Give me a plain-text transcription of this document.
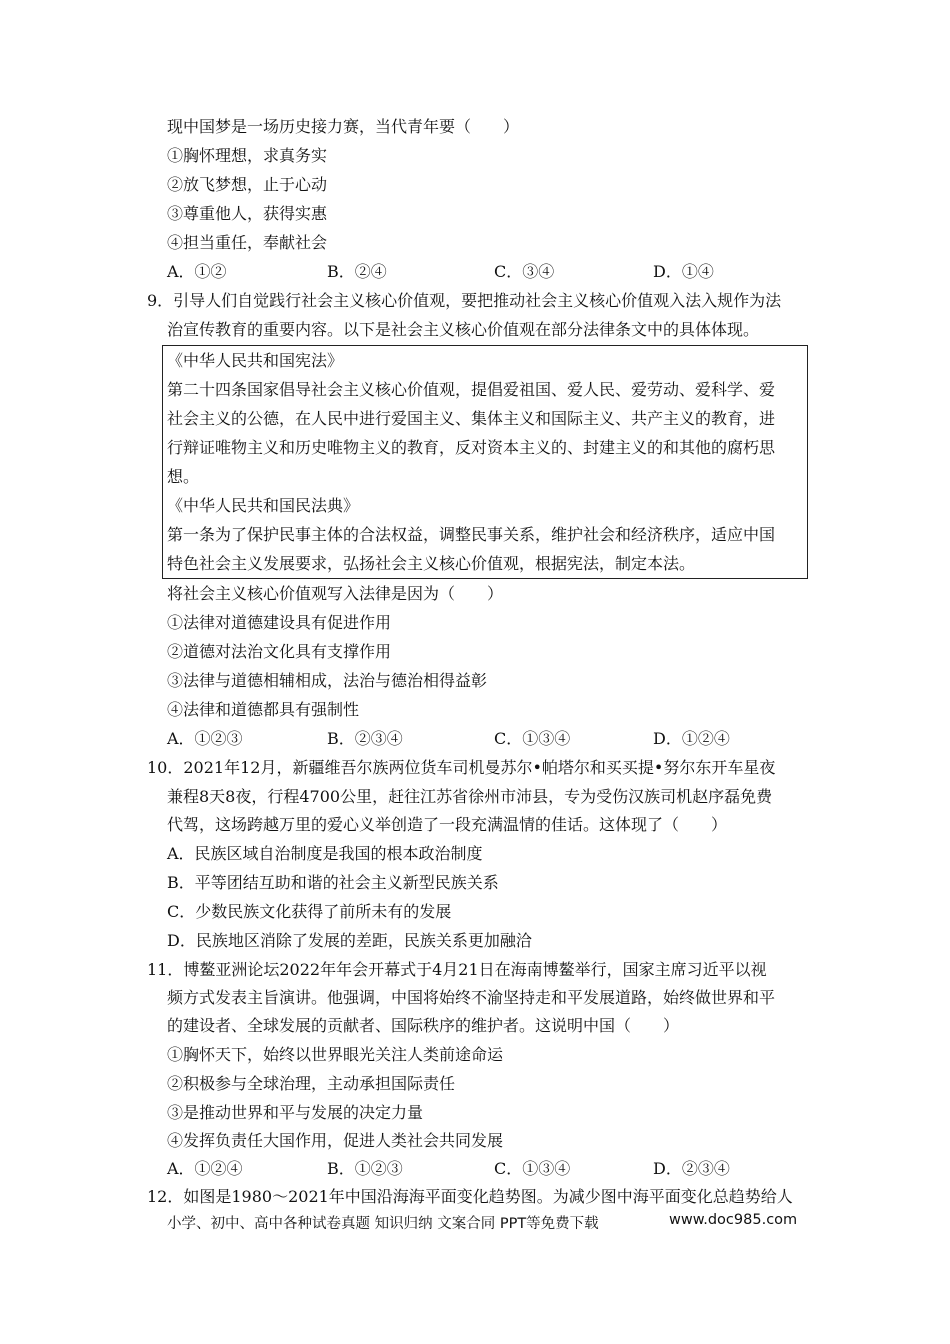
现中国梦是一场历史接力赛，当代青年要（　　）
①胸怀理想，求真务实
②放飞梦想，止于心动
③尊重他人，获得实惠
④担当重任，奉献社会
A．①②	B．②④	C．③④	D．①④
9．引导人们自觉践行社会主义核心价值观，要把推动社会主义核心价值观入法入规作为法
治宣传教育的重要内容。以下是社会主义核心价值观在部分法律条文中的具体体现。
《中华人民共和国宪法》
第二十四条国家倡导社会主义核心价值观，提倡爱祖国、爱人民、爱劳动、爱科学、爱
社会主义的公德，在人民中进行爱国主义、集体主义和国际主义、共产主义的教育，进
行辩证唯物主义和历史唯物主义的教育，反对资本主义的、封建主义的和其他的腐朽思
想。
《中华人民共和国民法典》
第一条为了保护民事主体的合法权益，调整民事关系，维护社会和经济秩序，适应中国
特色社会主义发展要求，弘扬社会主义核心价值观，根据宪法，制定本法。
将社会主义核心价值观写入法律是因为（　　）
①法律对道德建设具有促进作用
②道德对法治文化具有支撑作用
③法律与道德相辅相成，法治与德治相得益彰
④法律和道德都具有强制性
A．①②③	B．②③④	C．①③④	D．①②④
10．2021年12月，新疆维吾尔族两位货车司机曼苏尔•帕塔尔和买买提•努尔东开车星夜
兼程8天8夜，行程4700公里，赶往江苏省徐州市沛县，专为受伤汉族司机赵序磊免费
代驾，这场跨越万里的爱心义举创造了一段充满温情的佳话。这体现了（　　）
A．民族区域自治制度是我国的根本政治制度
B．平等团结互助和谐的社会主义新型民族关系
C．少数民族文化获得了前所未有的发展
D．民族地区消除了发展的差距，民族关系更加融洽
11．博鳌亚洲论坛2022年年会开幕式于4月21日在海南博鳌举行，国家主席习近平以视
频方式发表主旨演讲。他强调，中国将始终不渝坚持走和平发展道路，始终做世界和平
的建设者、全球发展的贡献者、国际秩序的维护者。这说明中国（　　）
①胸怀天下，始终以世界眼光关注人类前途命运
②积极参与全球治理，主动承担国际责任
③是推动世界和平与发展的决定力量
④发挥负责任大国作用，促进人类社会共同发展
A．①②④	B．①②③	C．①③④	D．②③④
12．如图是1980～2021年中国沿海海平面变化趋势图。为减少图中海平面变化总趋势给人
小学、初中、高中各种试卷真题 知识归纳 文案合同 PPT等免费下载	www.doc985.com
